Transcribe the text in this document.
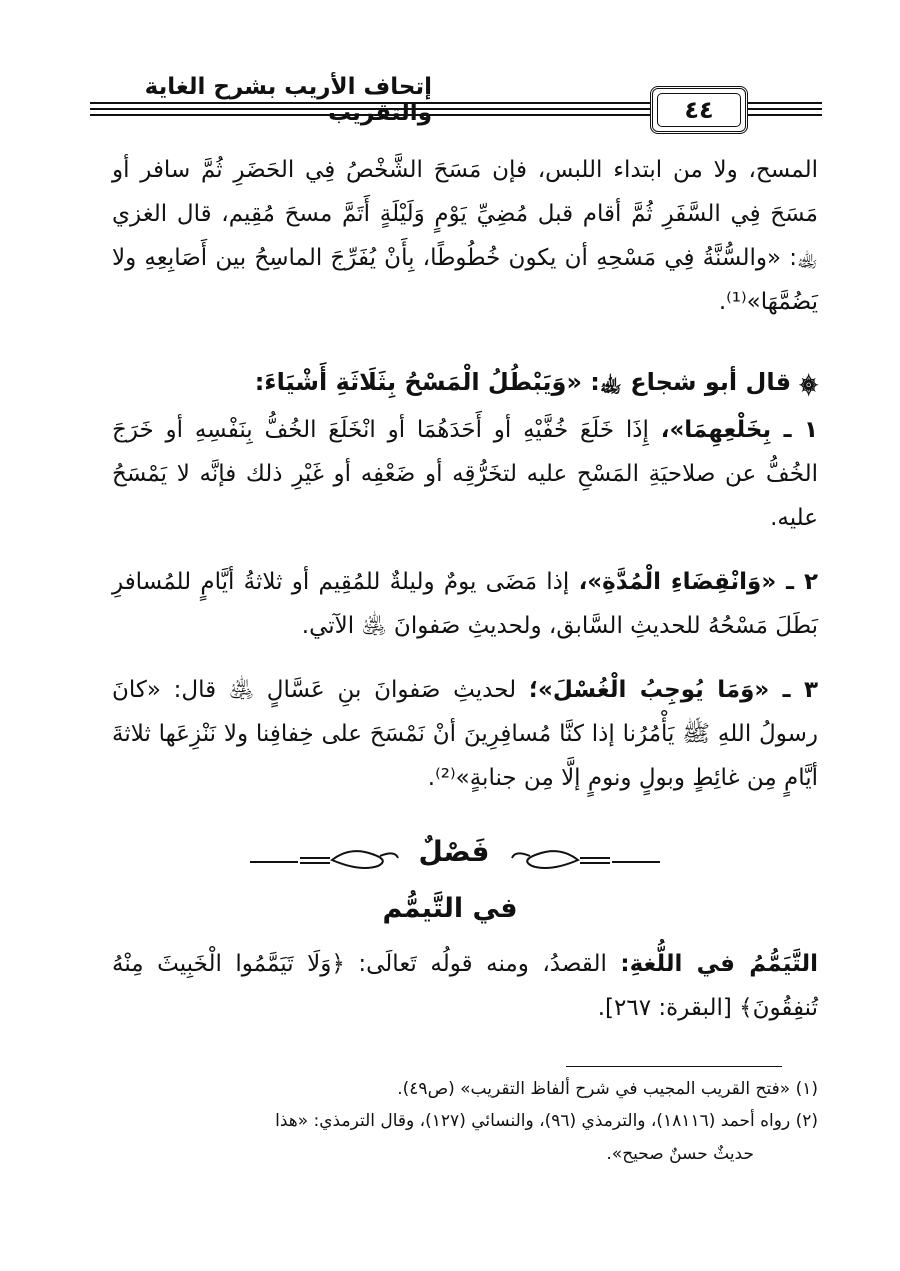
إتحاف الأريب بشرح الغاية والتقريب	٤٤
المسح، ولا من ابتداء اللبس، فإن مَسَحَ الشَّخْصُ فِي الحَضَرِ ثُمَّ سافر أو مَسَحَ فِي السَّفَرِ ثُمَّ أقام قبل مُضِيِّ يَوْمٍ وَلَيْلَةٍ أَتَمَّ مسحَ مُقِيم، قال الغزي ﵀: «والسُّنَّةُ فِي مَسْحِهِ أن يكون خُطُوطًا، بِأَنْ يُفَرِّجَ الماسِحُ بين أَصَابِعِهِ ولا يَضُمَّهَا»⁽¹⁾.
۞ قال أبو شجاع ﵀: «وَيَبْطُلُ الْمَسْحُ بِثَلَاثَةِ أَشْيَاءَ:
١ ـ بِخَلْعِهِمَا»، إِذَا خَلَعَ خُفَّيْهِ أو أَحَدَهُمَا أو انْخَلَعَ الخُفُّ بِنَفْسِهِ أو خَرَجَ الخُفُّ عن صلاحيَةِ المَسْحِ عليه لتخَرُّقِه أو ضَعْفِه أو غَيْرِ ذلك فإنَّه لا يَمْسَحُ عليه.
٢ ـ «وَانْقِضَاءِ الْمُدَّةِ»، إذا مَضَى يومٌ وليلةٌ للمُقِيم أو ثلاثةُ أيَّامٍ للمُسافرِ بَطَلَ مَسْحُهُ للحديثِ السَّابق، ولحديثِ صَفوانَ ﵁ الآتي.
٣ ـ «وَمَا يُوجِبُ الْغُسْلَ»؛ لحديثِ صَفوانَ بنِ عَسَّالٍ ﵁ قال: «كانَ رسولُ اللهِ ﷺ يَأْمُرُنا إذا كنَّا مُسافِرِينَ أنْ نَمْسَحَ على خِفافِنا ولا نَنْزِعَها ثلاثةَ أيَّامٍ مِن غائِطٍ وبولٍ ونومٍ إلَّا مِن جنابةٍ»⁽²⁾.
فَصْلٌ
في التَّيمُّم
التَّيَمُّمُ في اللُّغةِ: القصدُ، ومنه قولُه تَعالَى: ﴿وَلَا تَيَمَّمُوا الْخَبِيثَ مِنْهُ تُنفِقُونَ﴾ [البقرة: ٢٦٧].
(١) «فتح القريب المجيب في شرح ألفاظ التقريب» (ص٤٩).
(٢) رواه أحمد (١٨١١٦)، والترمذي (٩٦)، والنسائي (١٢٧)، وقال الترمذي: «هذا
حديثٌ حسنٌ صحيح».
